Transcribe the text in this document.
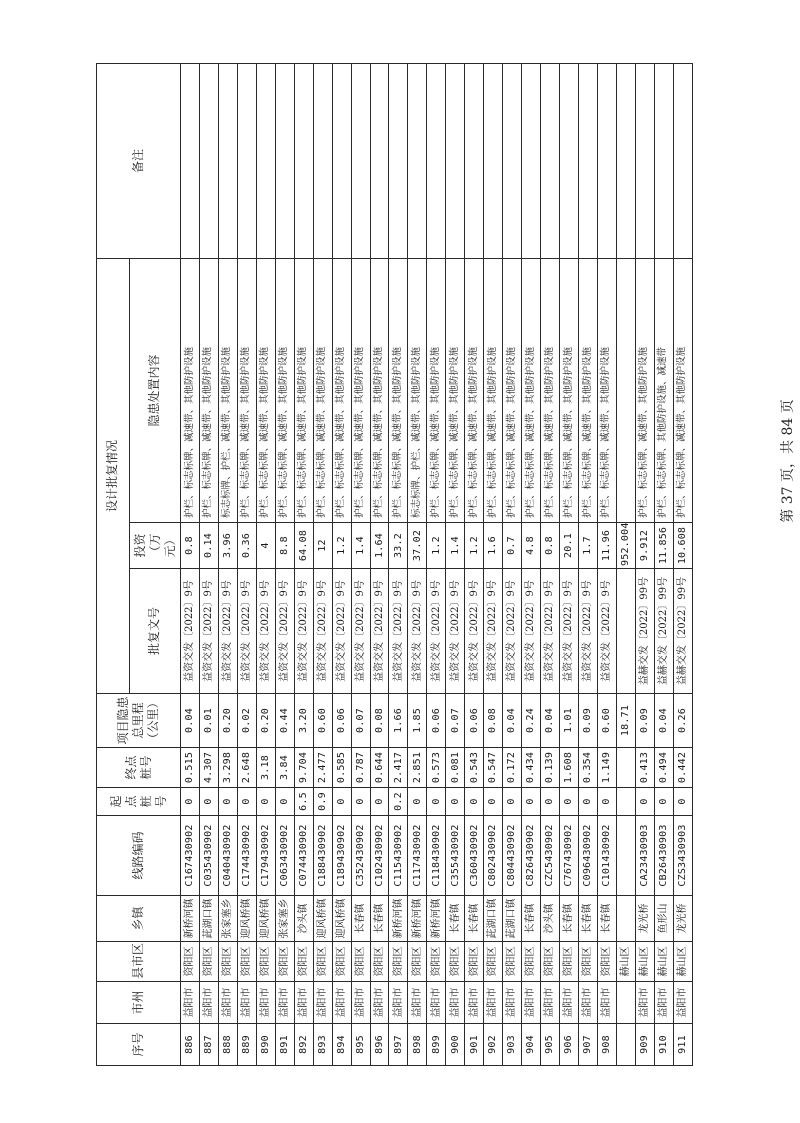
序号	市州	县市区	乡镇	线路编码	起点桩号	终点桩号	项目隐患总里程（公里）	设计批复情况			备注
								批复文号	投资（万元）	隐患处置内容	
886	益阳市	资阳区	新桥河镇	C167430902	0	0.515	0.04	益资交发〔2022〕9号	0.8	护栏、标志标牌、减速带、其他防护设施	
887	益阳市	资阳区	茈湖口镇	C035430902	0	4.307	0.01	益资交发〔2022〕9号	0.14	护栏、标志标牌、减速带、其他防护设施	
888	益阳市	资阳区	张家塞乡	C040430902	0	3.298	0.20	益资交发〔2022〕9号	3.96	标志标牌、护栏、减速带、其他防护设施	
889	益阳市	资阳区	迎风桥镇	C174430902	0	2.648	0.02	益资交发〔2022〕9号	0.36	护栏、标志标牌、减速带、其他防护设施	
890	益阳市	资阳区	迎风桥镇	C179430902	0	3.18	0.20	益资交发〔2022〕9号	4	护栏、标志标牌、减速带、其他防护设施	
891	益阳市	资阳区	张家塞乡	C063430902	0	3.84	0.44	益资交发〔2022〕9号	8.8	护栏、标志标牌、减速带、其他防护设施	
892	益阳市	资阳区	沙头镇	C074430902	6.5	9.704	3.20	益资交发〔2022〕9号	64.08	护栏、标志标牌、减速带、其他防护设施	
893	益阳市	资阳区	迎风桥镇	C188430902	0.9	2.477	0.60	益资交发〔2022〕9号	12	护栏、标志标牌、减速带、其他防护设施	
894	益阳市	资阳区	迎风桥镇	C189430902	0	0.585	0.06	益资交发〔2022〕9号	1.2	护栏、标志标牌、减速带、其他防护设施	
895	益阳市	资阳区	长春镇	C352430902	0	0.787	0.07	益资交发〔2022〕9号	1.4	护栏、标志标牌、减速带、其他防护设施	
896	益阳市	资阳区	长春镇	C102430902	0	0.644	0.08	益资交发〔2022〕9号	1.64	护栏、标志标牌、减速带、其他防护设施	
897	益阳市	资阳区	新桥河镇	C115430902	0.2	2.417	1.66	益资交发〔2022〕9号	33.2	护栏、标志标牌、减速带、其他防护设施	
898	益阳市	资阳区	新桥河镇	C117430902	0	2.851	1.85	益资交发〔2022〕9号	37.02	标志标牌、护栏、减速带、其他防护设施	
899	益阳市	资阳区	新桥河镇	C118430902	0	0.573	0.06	益资交发〔2022〕9号	1.2	护栏、标志标牌、减速带、其他防护设施	
900	益阳市	资阳区	长春镇	C355430902	0	0.081	0.07	益资交发〔2022〕9号	1.4	护栏、标志标牌、减速带、其他防护设施	
901	益阳市	资阳区	长春镇	C360430902	0	0.543	0.06	益资交发〔2022〕9号	1.2	护栏、标志标牌、减速带、其他防护设施	
902	益阳市	资阳区	茈湖口镇	C802430902	0	0.547	0.08	益资交发〔2022〕9号	1.6	护栏、标志标牌、减速带、其他防护设施	
903	益阳市	资阳区	茈湖口镇	C804430902	0	0.172	0.04	益资交发〔2022〕9号	0.7	护栏、标志标牌、减速带、其他防护设施	
904	益阳市	资阳区	长春镇	C826430902	0	0.434	0.24	益资交发〔2022〕9号	4.8	护栏、标志标牌、减速带、其他防护设施	
905	益阳市	资阳区	沙头镇	CZC5430902	0	0.139	0.04	益资交发〔2022〕9号	0.8	护栏、标志标牌、减速带、其他防护设施	
906	益阳市	资阳区	长春镇	C767430902	0	1.608	1.01	益资交发〔2022〕9号	20.1	护栏、标志标牌、减速带、其他防护设施	
907	益阳市	资阳区	长春镇	C096430902	0	0.354	0.09	益资交发〔2022〕9号	1.7	护栏、标志标牌、减速带、其他防护设施	
908	益阳市	资阳区	长春镇	C101430902	0	1.149	0.60	益资交发〔2022〕9号	11.96	护栏、标志标牌、减速带、其他防护设施	
		赫山区					18.71		952.004		
909	益阳市	赫山区	龙光桥	CA23430903	0	0.413	0.09	益赫交发〔2022〕99号	9.912	护栏、标志标牌、减速带、其他防护设施	
910	益阳市	赫山区	鱼形山	CB26430903	0	0.494	0.04	益赫交发〔2022〕99号	11.856	护栏、标志标牌、其他防护设施、减速带	
911	益阳市	赫山区	龙光桥	CZS3430903	0	0.442	0.26	益赫交发〔2022〕99号	10.608	护栏、标志标牌、减速带、其他防护设施		第 37 页，共 84 页
